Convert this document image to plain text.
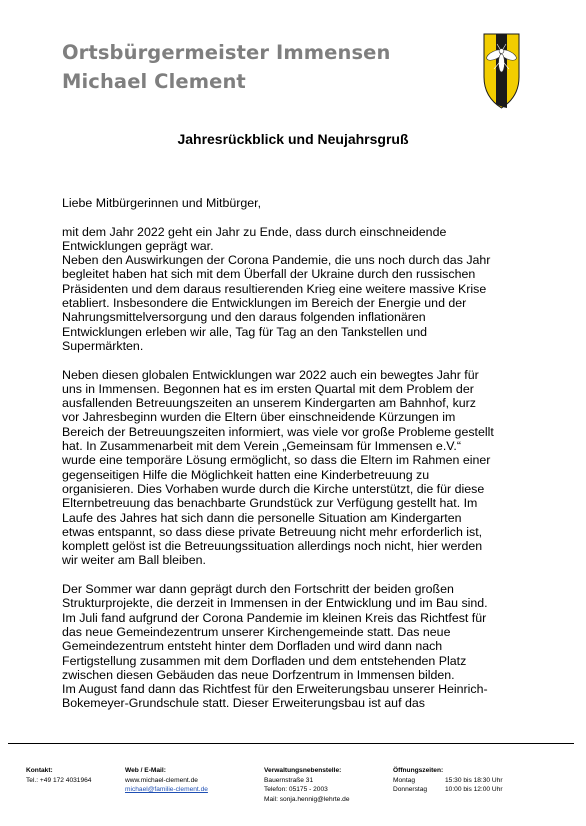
Ortsbürgermeister Immensen
Michael Clement
Jahresrückblick und Neujahrsgruß

Liebe Mitbürgerinnen und Mitbürger,

mit dem Jahr 2022 geht ein Jahr zu Ende, dass durch einschneidende
Entwicklungen geprägt war.
Neben den Auswirkungen der Corona Pandemie, die uns noch durch das Jahr
begleitet haben hat sich mit dem Überfall der Ukraine durch den russischen
Präsidenten und dem daraus resultierenden Krieg eine weitere massive Krise
etabliert. Insbesondere die Entwicklungen im Bereich der Energie und der
Nahrungsmittelversorgung und den daraus folgenden inflationären
Entwicklungen erleben wir alle, Tag für Tag an den Tankstellen und
Supermärkten.

Neben diesen globalen Entwicklungen war 2022 auch ein bewegtes Jahr für
uns in Immensen. Begonnen hat es im ersten Quartal mit dem Problem der
ausfallenden Betreuungszeiten an unserem Kindergarten am Bahnhof, kurz
vor Jahresbeginn wurden die Eltern über einschneidende Kürzungen im
Bereich der Betreuungszeiten informiert, was viele vor große Probleme gestellt
hat. In Zusammenarbeit mit dem Verein „Gemeinsam für Immensen e.V.“
wurde eine temporäre Lösung ermöglicht, so dass die Eltern im Rahmen einer
gegenseitigen Hilfe die Möglichkeit hatten eine Kinderbetreuung zu
organisieren. Dies Vorhaben wurde durch die Kirche unterstützt, die für diese
Elternbetreuung das benachbarte Grundstück zur Verfügung gestellt hat. Im
Laufe des Jahres hat sich dann die personelle Situation am Kindergarten
etwas entspannt, so dass diese private Betreuung nicht mehr erforderlich ist,
komplett gelöst ist die Betreuungssituation allerdings noch nicht, hier werden
wir weiter am Ball bleiben.

Der Sommer war dann geprägt durch den Fortschritt der beiden großen
Strukturprojekte, die derzeit in Immensen in der Entwicklung und im Bau sind.
Im Juli fand aufgrund der Corona Pandemie im kleinen Kreis das Richtfest für
das neue Gemeindezentrum unserer Kirchengemeinde statt. Das neue
Gemeindezentrum entsteht hinter dem Dorfladen und wird dann nach
Fertigstellung zusammen mit dem Dorfladen und dem entstehenden Platz
zwischen diesen Gebäuden das neue Dorfzentrum in Immensen bilden.
Im August fand dann das Richtfest für den Erweiterungsbau unserer Heinrich-
Bokemeyer-Grundschule statt. Dieser Erweiterungsbau ist auf das

Kontakt:
Tel.: +49 172 4031964
Web / E-Mail:
www.michael-clement.de
michael@familie-clement.de
Verwaltungsnebenstelle:
Bauernstraße 31
Telefon: 05175 - 2003
Mail: sonja.hennig@lehrte.de
Öffnungszeiten:
Montag	15:30 bis 18:30 Uhr
Donnerstag	10:00 bis 12:00 Uhr
